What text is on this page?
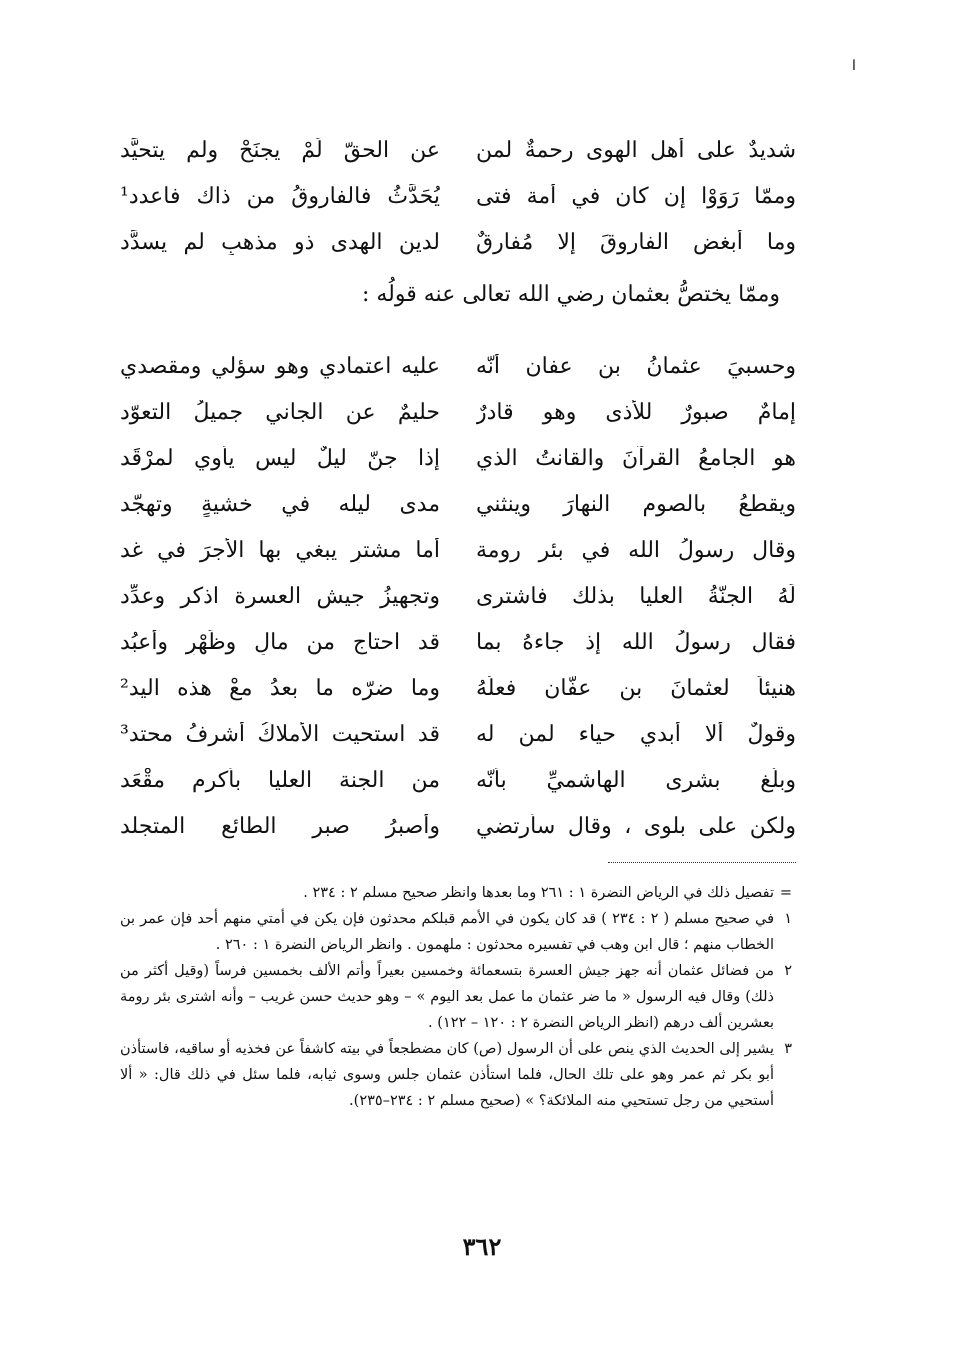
ا
شديدٌ على أهل الهوى رحمةٌ لمن
عن الحقّ لَمْ يجنَحْ ولم يتحيَّد
وممّا رَوَوْا إن كان في أمة فتى
يُحَدَّثُ فالفاروقُ من ذاك فاعدد¹
وما أبغض الفاروقَ إلا مُفارقٌ
لدين الهدى ذو مذهبٍ لم يسدَّد
وممّا يختصُّ بعثمان رضي الله تعالى عنه قولُه :
وحسبيَ عثمانُ بن عفان أنّه
عليه اعتمادي وهو سؤلي ومقصدي
إمامٌ صبورٌ للأذى وهو قادرٌ
حليمٌ عن الجاني جميلُ التعوّد
هو الجامعُ القرآنَ والقانتُ الذي
إذا جنّ ليلٌ ليس يأوي لمرْقَد
ويقطعُ بالصوم النهارَ وينثني
مدى ليله في خشيةٍ وتهجّد
وقال رسولُ الله في بئر رومة
أما مشترٍ يبغي بها الأجرَ في غد
لَهُ الجنّةُ العليا بذلك فاشترى
وتجهيزُ جيشِ العسرة اذكر وعدِّد
فقال رسولُ الله إذ جاءهُ بما
قد احتاج من مالٍ وظَهْرٍ وأعبُد
هنيئاً لعثمانَ بن عفّان فعلُهُ
وما ضرّه ما بعدُ معْ هذه اليد²
وقولٌ ألا أبدي حياء لمن له
قد استحيت الأملاكُ أشرفُ محتد³
وبلّغ بشرى الهاشميِّ بأنّه
من الجنة العليا بأكرمِ مقْعَد
ولكن على بلوى ، وقال سأرتضي
وأصبرُ صبر الطائع المتجلد
=
تفصيل ذلك في الرياض النضرة ١ : ٢٦١ وما بعدها وانظر صحيح مسلم ٢ : ٢٣٤ .
١
في صحيح مسلم ( ٢ : ٢٣٤ ) قد كان يكون في الأمم قبلكم محدثون فإن يكن في أمتي منهم أحد فإن عمر بن الخطاب منهم ؛ قال ابن وهب في تفسيره محدثون : ملهمون . وانظر الرياض النضرة ١ : ٢٦٠ .
٢
من فضائل عثمان أنه جهز جيش العسرة بتسعمائة وخمسين بعيراً وأتم الألف بخمسين فرساً (وقيل أكثر من ذلك) وقال فيه الرسول « ما ضر عثمان ما عمل بعد اليوم » – وهو حديث حسن غريب – وأنه اشترى بئر رومة بعشرين ألف درهم (انظر الرياض النضرة ٢ : ١٢٠ – ١٢٢) .
٣
يشير إلى الحديث الذي ينص على أن الرسول (ص) كان مضطجعاً في بيته كاشفاً عن فخذيه أو ساقيه، فاستأذن أبو بكر ثم عمر وهو على تلك الحال، فلما استأذن عثمان جلس وسوى ثيابه، فلما سئل في ذلك قال: « ألا أستحيي من رجل تستحيي منه الملائكة؟ » (صحيح مسلم ٢ : ٢٣٤–٢٣٥).
٣٦٢
